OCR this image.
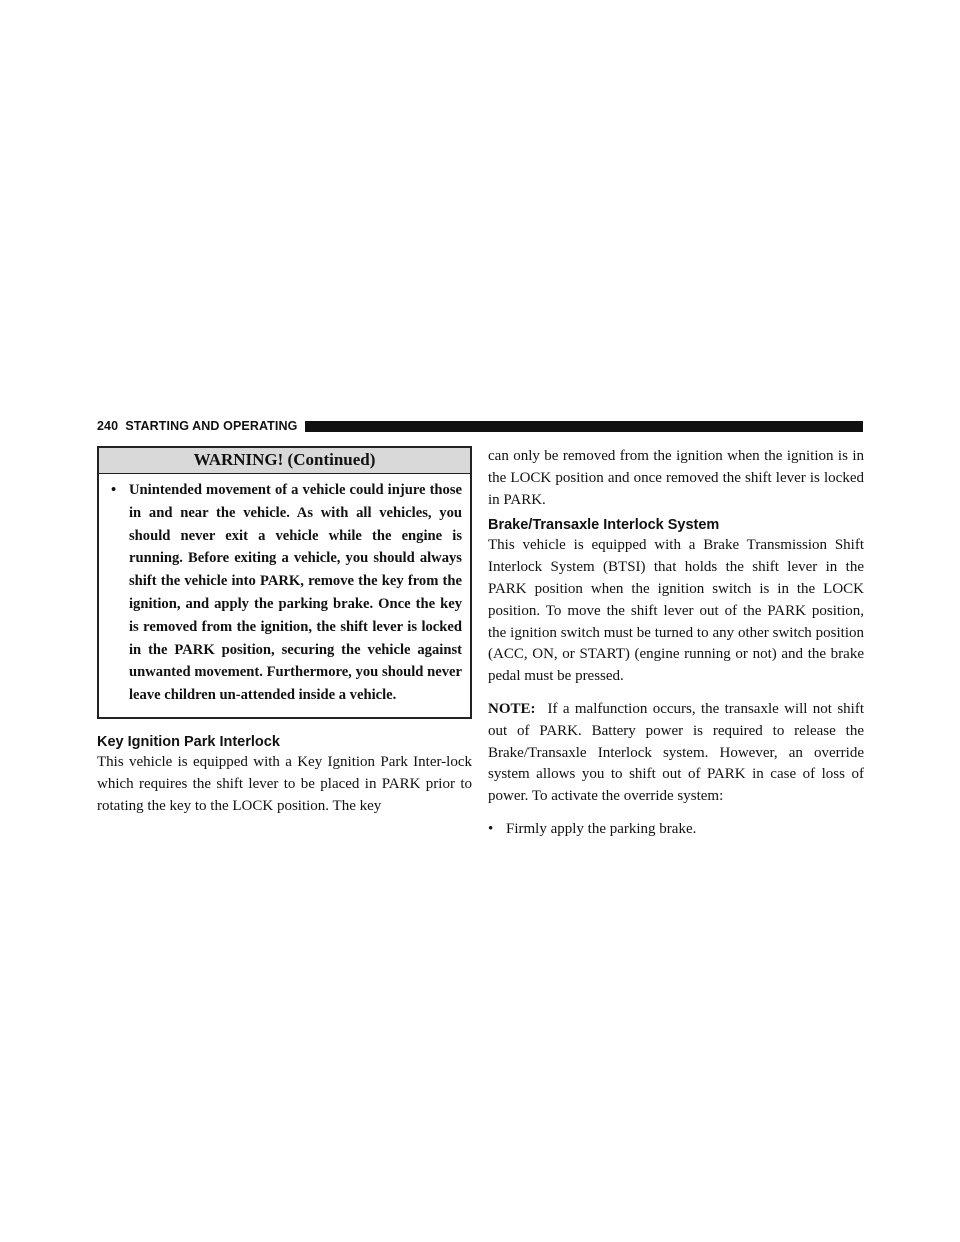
240 STARTING AND OPERATING
WARNING! (Continued)
• Unintended movement of a vehicle could injure those in and near the vehicle. As with all vehicles, you should never exit a vehicle while the engine is running. Before exiting a vehicle, you should always shift the vehicle into PARK, remove the key from the ignition, and apply the parking brake. Once the key is removed from the ignition, the shift lever is locked in the PARK position, securing the vehicle against unwanted movement. Furthermore, you should never leave children un-attended inside a vehicle.
Key Ignition Park Interlock

This vehicle is equipped with a Key Ignition Park Inter-lock which requires the shift lever to be placed in PARK prior to rotating the key to the LOCK position. The key

can only be removed from the ignition when the ignition is in the LOCK position and once removed the shift lever is locked in PARK.

Brake/Transaxle Interlock System

This vehicle is equipped with a Brake Transmission Shift Interlock System (BTSI) that holds the shift lever in the PARK position when the ignition switch is in the LOCK position. To move the shift lever out of the PARK position, the ignition switch must be turned to any other switch position (ACC, ON, or START) (engine running or not) and the brake pedal must be pressed.

NOTE: If a malfunction occurs, the transaxle will not shift out of PARK. Battery power is required to release the Brake/Transaxle Interlock system. However, an override system allows you to shift out of PARK in case of loss of power. To activate the override system:

• Firmly apply the parking brake.
